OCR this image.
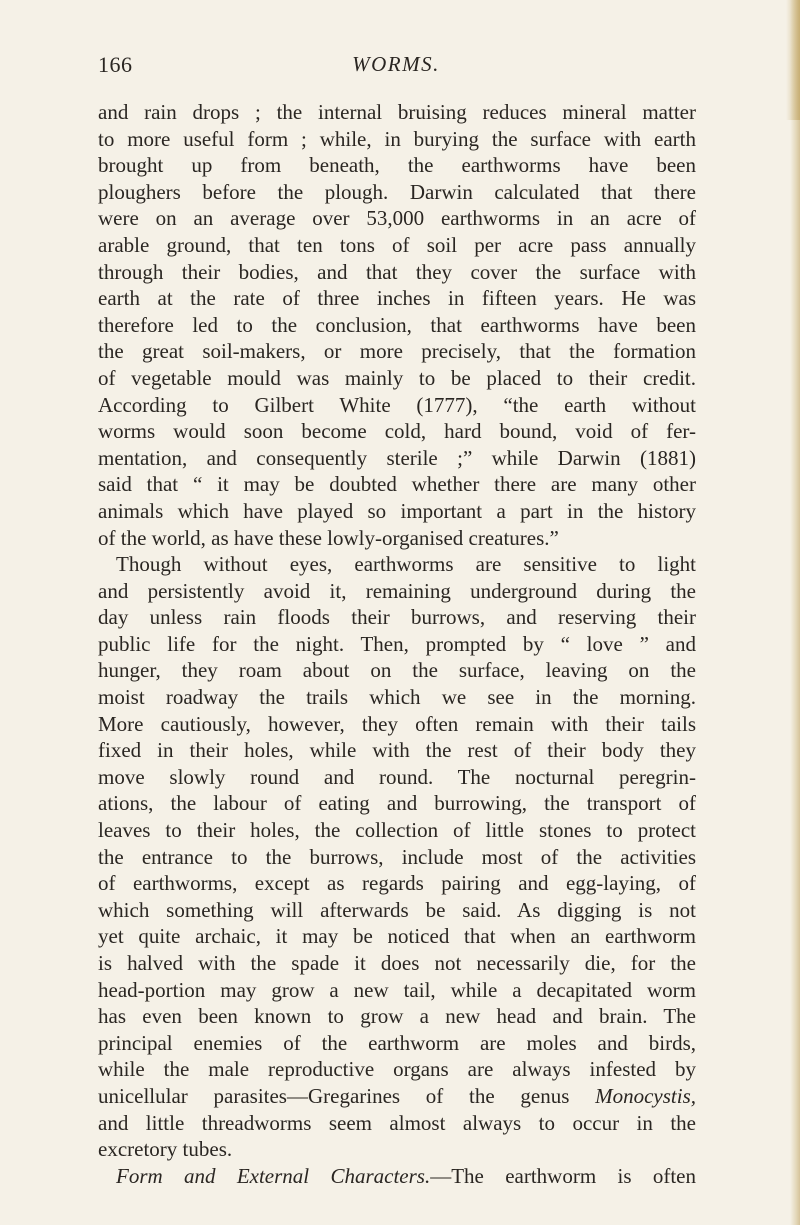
166	WORMS.

and rain drops ; the internal bruising reduces mineral matter

to more useful form ; while, in burying the surface with earth

brought up from beneath, the earthworms have been

ploughers before the plough. Darwin calculated that there

were on an average over 53,000 earthworms in an acre of

arable ground, that ten tons of soil per acre pass annually

through their bodies, and that they cover the surface with

earth at the rate of three inches in fifteen years. He was

therefore led to the conclusion, that earthworms have been

the great soil-makers, or more precisely, that the formation

of vegetable mould was mainly to be placed to their credit.

According to Gilbert White (1777), “the earth without

worms would soon become cold, hard bound, void of fer-

mentation, and consequently sterile ;” while Darwin (1881)

said that “ it may be doubted whether there are many other

animals which have played so important a part in the history

of the world, as have these lowly-organised creatures.”

Though without eyes, earthworms are sensitive to light

and persistently avoid it, remaining underground during the

day unless rain floods their burrows, and reserving their

public life for the night. Then, prompted by “ love ” and

hunger, they roam about on the surface, leaving on the

moist roadway the trails which we see in the morning.

More cautiously, however, they often remain with their tails

fixed in their holes, while with the rest of their body they

move slowly round and round. The nocturnal peregrin-

ations, the labour of eating and burrowing, the transport of

leaves to their holes, the collection of little stones to protect

the entrance to the burrows, include most of the activities

of earthworms, except as regards pairing and egg-laying, of

which something will afterwards be said. As digging is not

yet quite archaic, it may be noticed that when an earthworm

is halved with the spade it does not necessarily die, for the

head-portion may grow a new tail, while a decapitated worm

has even been known to grow a new head and brain. The

principal enemies of the earthworm are moles and birds,

while the male reproductive organs are always infested by

unicellular parasites—Gregarines of the genus Monocystis,

and little threadworms seem almost always to occur in the

excretory tubes.

Form and External Characters.—The earthworm is often
